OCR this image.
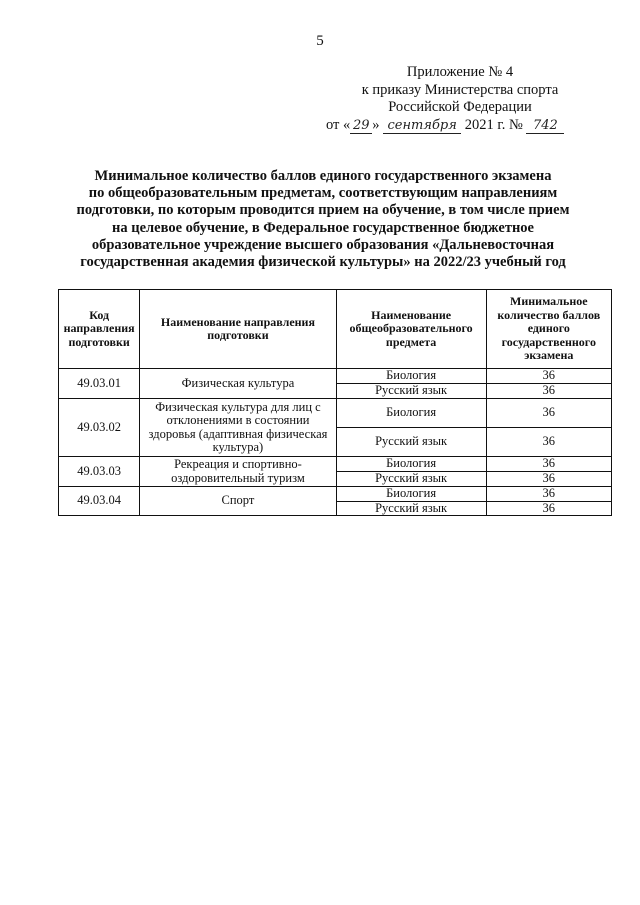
5
Приложение № 4
к приказу Министерства спорта
Российской Федерации
от « 29 » сентября 2021 г. № 742
Минимальное количество баллов единого государственного экзамена
по общеобразовательным предметам, соответствующим направлениям
подготовки, по которым проводится прием на обучение, в том числе прием
на целевое обучение, в Федеральное государственное бюджетное
образовательное учреждение высшего образования «Дальневосточная
государственная академия физической культуры» на 2022/23 учебный год
Код направления подготовки	Наименование направления подготовки	Наименование общеобразовательного предмета	Минимальное количество баллов единого государственного экзамена
49.03.01	Физическая культура	Биология	36
		Русский язык	36
49.03.02	Физическая культура для лиц с отклонениями в состоянии здоровья (адаптивная физическая культура)	Биология	36
		Русский язык	36
49.03.03	Рекреация и спортивно-оздоровительный туризм	Биология	36
		Русский язык	36
49.03.04	Спорт	Биология	36
		Русский язык	36
